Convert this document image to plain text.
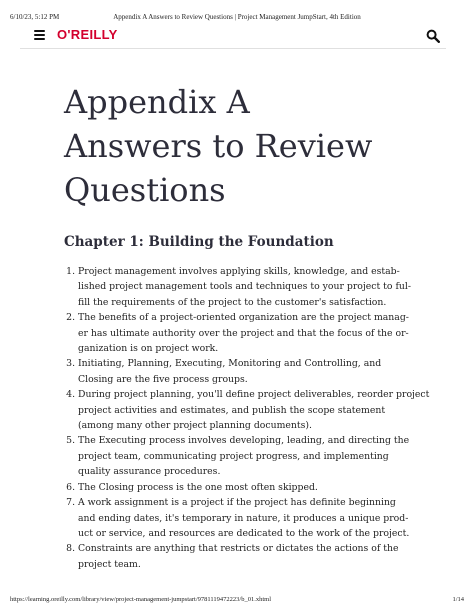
6/10/23, 5:12 PM	Appendix A Answers to Review Questions | Project Management JumpStart, 4th Edition
O'REILLY
Appendix A
Answers to Review
Questions
Chapter 1: Building the Foundation
1. Project management involves applying skills, knowledge, and estab-
lished project management tools and techniques to your project to ful-
fill the requirements of the project to the customer's satisfaction.
2. The benefits of a project-oriented organization are the project manag-
er has ultimate authority over the project and that the focus of the or-
ganization is on project work.
3. Initiating, Planning, Executing, Monitoring and Controlling, and
Closing are the five process groups.
4. During project planning, you'll define project deliverables, reorder project
project activities and estimates, and publish the scope statement
(among many other project planning documents).
5. The Executing process involves developing, leading, and directing the
project team, communicating project progress, and implementing
quality assurance procedures.
6. The Closing process is the one most often skipped.
7. A work assignment is a project if the project has definite beginning
and ending dates, it's temporary in nature, it produces a unique prod-
uct or service, and resources are dedicated to the work of the project.
8. Constraints are anything that restricts or dictates the actions of the
project team.
https://learning.oreilly.com/library/view/project-management-jumpstart/9781119472223/b_01.xhtml	1/14
